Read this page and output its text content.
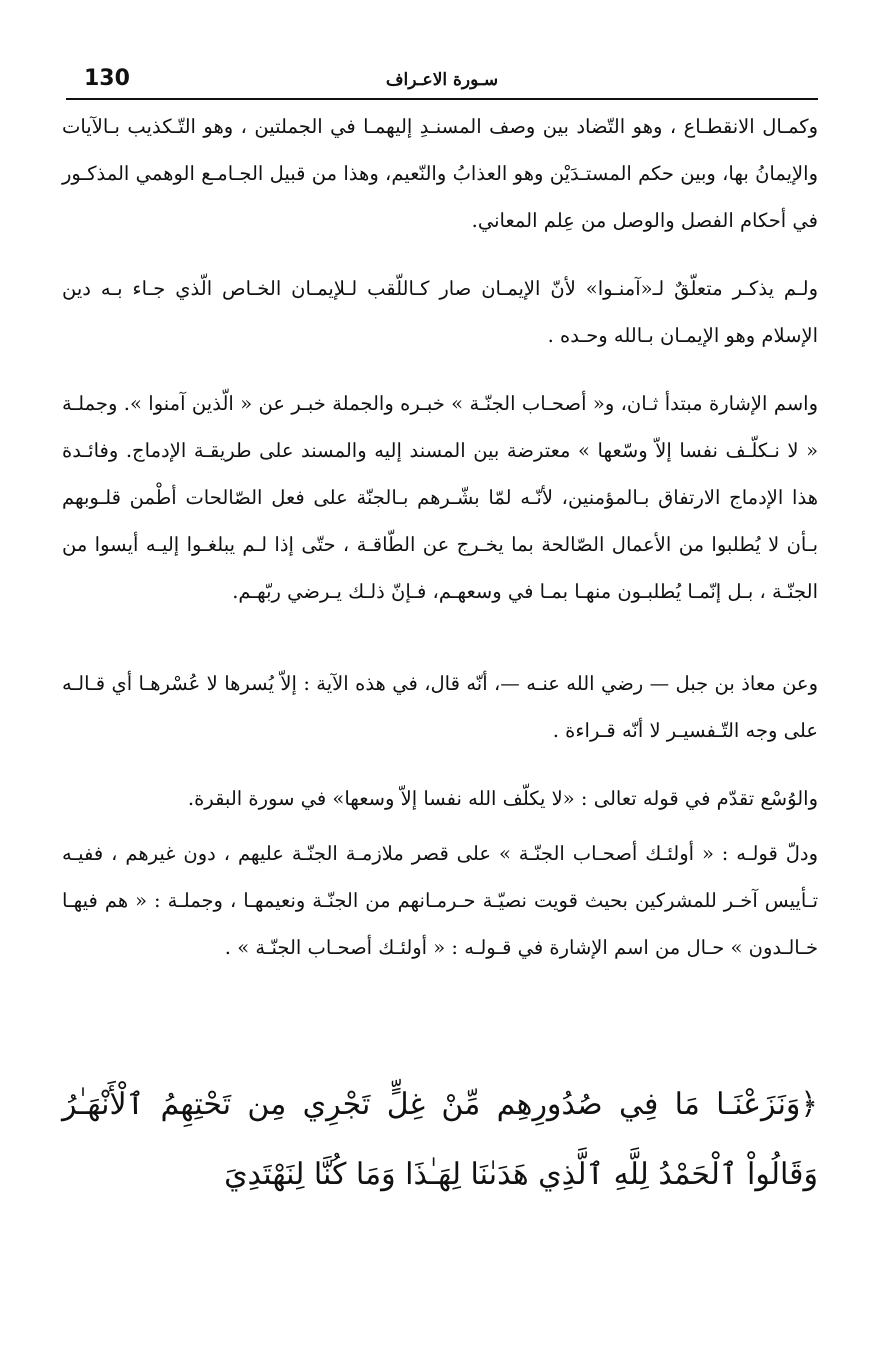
130	سـورة الاعـراف

وكمـال الانقطـاع ، وهو التّضاد بين وصف المسنـدِ إليهمـا في الجملتين ، وهو التّـكذيب بـالآيات والإيمانُ بها، وبين حكم المستـدَيْن وهو العذابُ والنّعيم، وهذا من قبيل الجـامـع الوهمي المذكـور في أحكام الفصل والوصل من عِلم المعاني.

ولـم يذكـر متعلّقٌ لـ«آمنـوا» لأنّ الإيمـان صار كـاللّقب لـلإيمـان الخـاص الّذي جـاء بـه دين الإسلام وهو الإيمـان بـالله وحـده .

واسم الإشارة مبتدأ ثـان، و« أصحـاب الجنّـة » خبـره والجملة خبـر عن « الّذين آمنوا ». وجملـة « لا نـكلّـف نفسا إلاّ وسّعها » معترضة بين المسند إليه والمسند على طريقـة الإدماج. وفائـدة هذا الإدماج الارتفاق بـالمؤمنين، لأنّـه لمّا بشّـرهم بـالجنّة على فعل الصّالحات أطْمن قلـوبهم بـأن لا يُطلبوا من الأعمال الصّالحة بما يخـرج عن الطّاقـة ، حتّى إذا لـم يبلغـوا إليـه أيسوا من الجنّـة ، بـل إنّمـا يُطلبـون منهـا بمـا في وسعهـم، فـإنّ ذلـك يـرضي ربّهـم.

وعن معاذ بن جبل — رضي الله عنـه —، أنّه قال، في هذه الآية : إلاّ يُسرها لا عُسْرهـا أي قـالـه على وجه التّـفسيـر لا أنّه قـراءة .

والوُسْع تقدّم في قوله تعالى : «لا يكلّف الله نفسا إلاّ وسعها» في سورة البقرة.

ودلّ قولـه : « أولئـك أصحـاب الجنّـة » على قصر ملازمـة الجنّـة عليهم ، دون غيرهم ، ففيـه تـأييس آخـر للمشركين بحيث قويت نصيّـة حـرمـانهم من الجنّـة ونعيمهـا ، وجملـة : « هم فيهـا خـالـدون » حـال من اسم الإشارة في قـولـه : « أولئـك أصحـاب الجنّـة » .

﴿وَنَزَعْنَـا مَا فِي صُدُورِهِم مِّنْ غِلٍّ تَجْرِي مِن تَحْتِهِمُ ٱلْأَنْهَـٰرُ وَقَالُواْ ٱلْحَمْدُ لِلَّهِ ٱلَّذِي هَدَىٰنَا لِهَـٰذَا وَمَا كُنَّا لِنَهْتَدِيَ
